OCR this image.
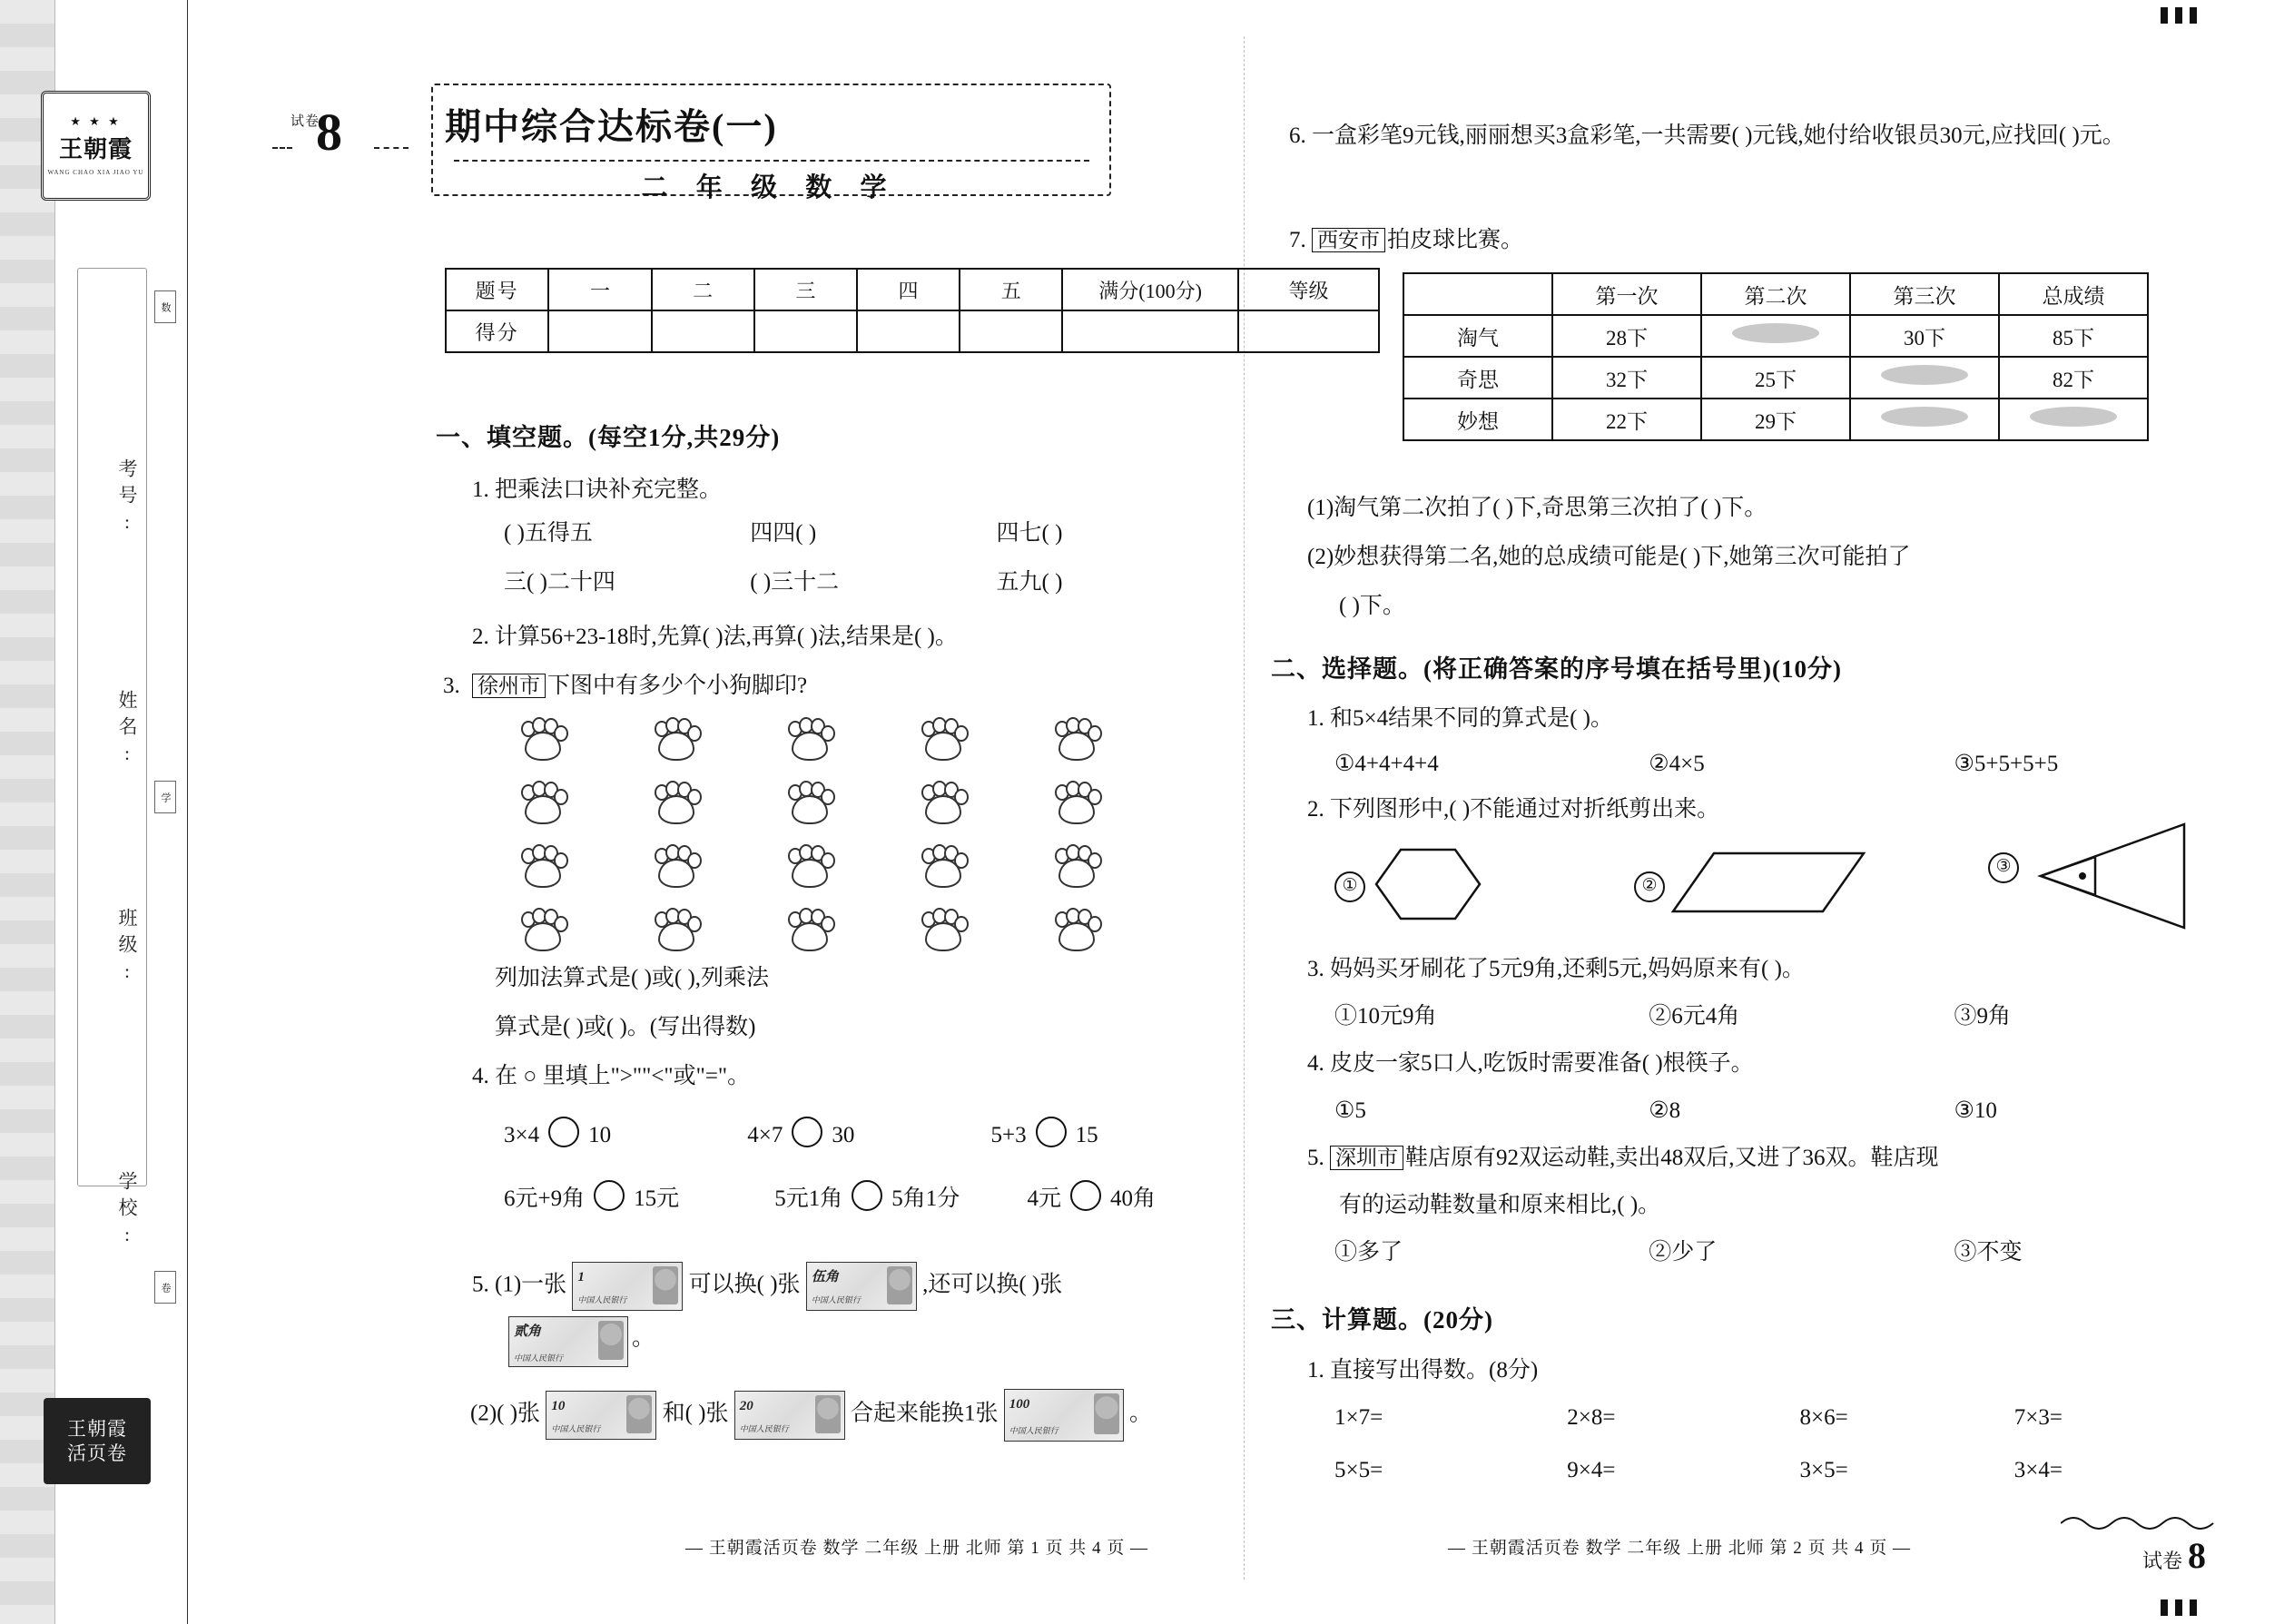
★ ★ ★
王朝霞
WANG CHAO XIA JIAO YU
考号:
姓名:
班级:
学校:
数
学
卷
王朝霞
活页卷
试卷
8	期中综合达标卷(一)
二 年 级 数 学
题号	一	二	三	四	五	满分(100分)	等级
得分							
一、填空题。(每空1分,共29分)
1. 把乘法口诀补充完整。
( )五得五	四四( )	四七( )
三( )二十四	( )三十二	五九( )
2. 计算56+23-18时,先算( )法,再算( )法,结果是( )。
徐州市 下图中有多少个小狗脚印?
3.
列加法算式是( )或( ),列乘法
算式是( )或( )。(写出得数)
4. 在 ○ 里填上">""<"或"="。
3×4 10	4×7 30	5+3 15
6元+9角 15元	5元1角 5角1分	4元 40角
5. (1)一张 1
中国人民银行
可以换( )张 伍角
中国人民银行
,还可以换( )张
贰角
中国人民银行
。
(2)( )张 10
中国人民银行
和( )张 20
中国人民银行
合起来能换1张 100
中国人民银行
。
— 王朝霞活页卷 数学 二年级 上册 北师 第 1 页 共 4 页 —
6. 一盒彩笔9元钱,丽丽想买3盒彩笔,一共需要( )元钱,她付给收银员30元,应找回( )元。
7. 西安市 拍皮球比赛。
	第一次	第二次	第三次	总成绩
淘气	28下		30下	85下
奇思	32下	25下		82下
妙想	22下	29下		
(1)淘气第二次拍了( )下,奇思第三次拍了( )下。
(2)妙想获得第二名,她的总成绩可能是( )下,她第三次可能拍了
( )下。
二、选择题。(将正确答案的序号填在括号里)(10分)
1. 和5×4结果不同的算式是( )。
①4+4+4+4	②4×5	③5+5+5+5
2. 下列图形中,( )不能通过对折纸剪出来。
①	②
③
3. 妈妈买牙刷花了5元9角,还剩5元,妈妈原来有( )。
①10元9角	②6元4角	③9角
4. 皮皮一家5口人,吃饭时需要准备( )根筷子。
①5	②8	③10
5. 深圳市 鞋店原有92双运动鞋,卖出48双后,又进了36双。鞋店现
有的运动鞋数量和原来相比,( )。
①多了	②少了	③不变
三、计算题。(20分)
1. 直接写出得数。(8分)
1×7=	2×8=	8×6=	7×3=
5×5=	9×4=	3×5=	3×4=
— 王朝霞活页卷 数学 二年级 上册 北师 第 2 页 共 4 页 —
试卷 8
